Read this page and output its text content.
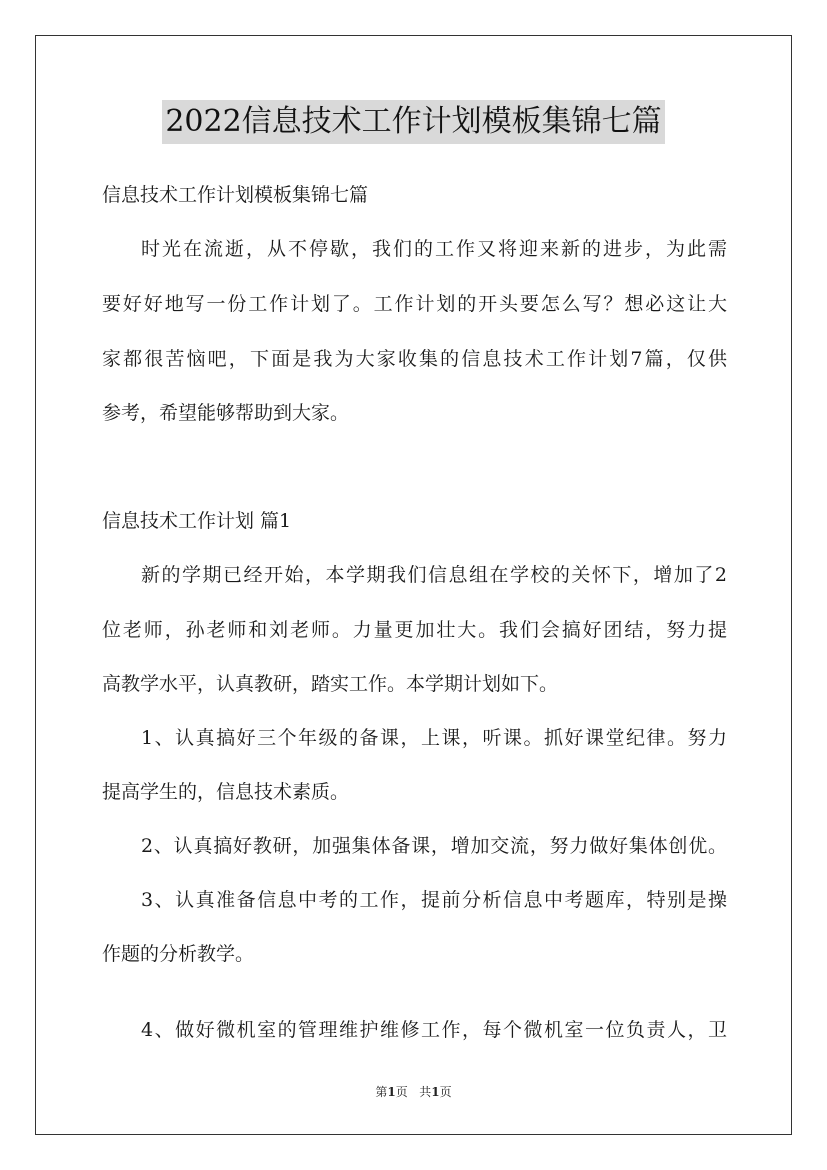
2022信息技术工作计划模板集锦七篇
信息技术工作计划模板集锦七篇
时光在流逝，从不停歇，我们的工作又将迎来新的进步，为此需
要好好地写一份工作计划了。工作计划的开头要怎么写？想必这让大
家都很苦恼吧，下面是我为大家收集的信息技术工作计划7篇，仅供
参考，希望能够帮助到大家。
信息技术工作计划 篇1
新的学期已经开始，本学期我们信息组在学校的关怀下，增加了2
位老师，孙老师和刘老师。力量更加壮大。我们会搞好团结，努力提
高教学水平，认真教研，踏实工作。本学期计划如下。
1、认真搞好三个年级的备课，上课，听课。抓好课堂纪律。努力
提高学生的，信息技术素质。
2、认真搞好教研，加强集体备课，增加交流，努力做好集体创优。
3、认真准备信息中考的工作，提前分析信息中考题库，特别是操
作题的分析教学。
4、做好微机室的管理维护维修工作，每个微机室一位负责人，卫
第1页 共1页
